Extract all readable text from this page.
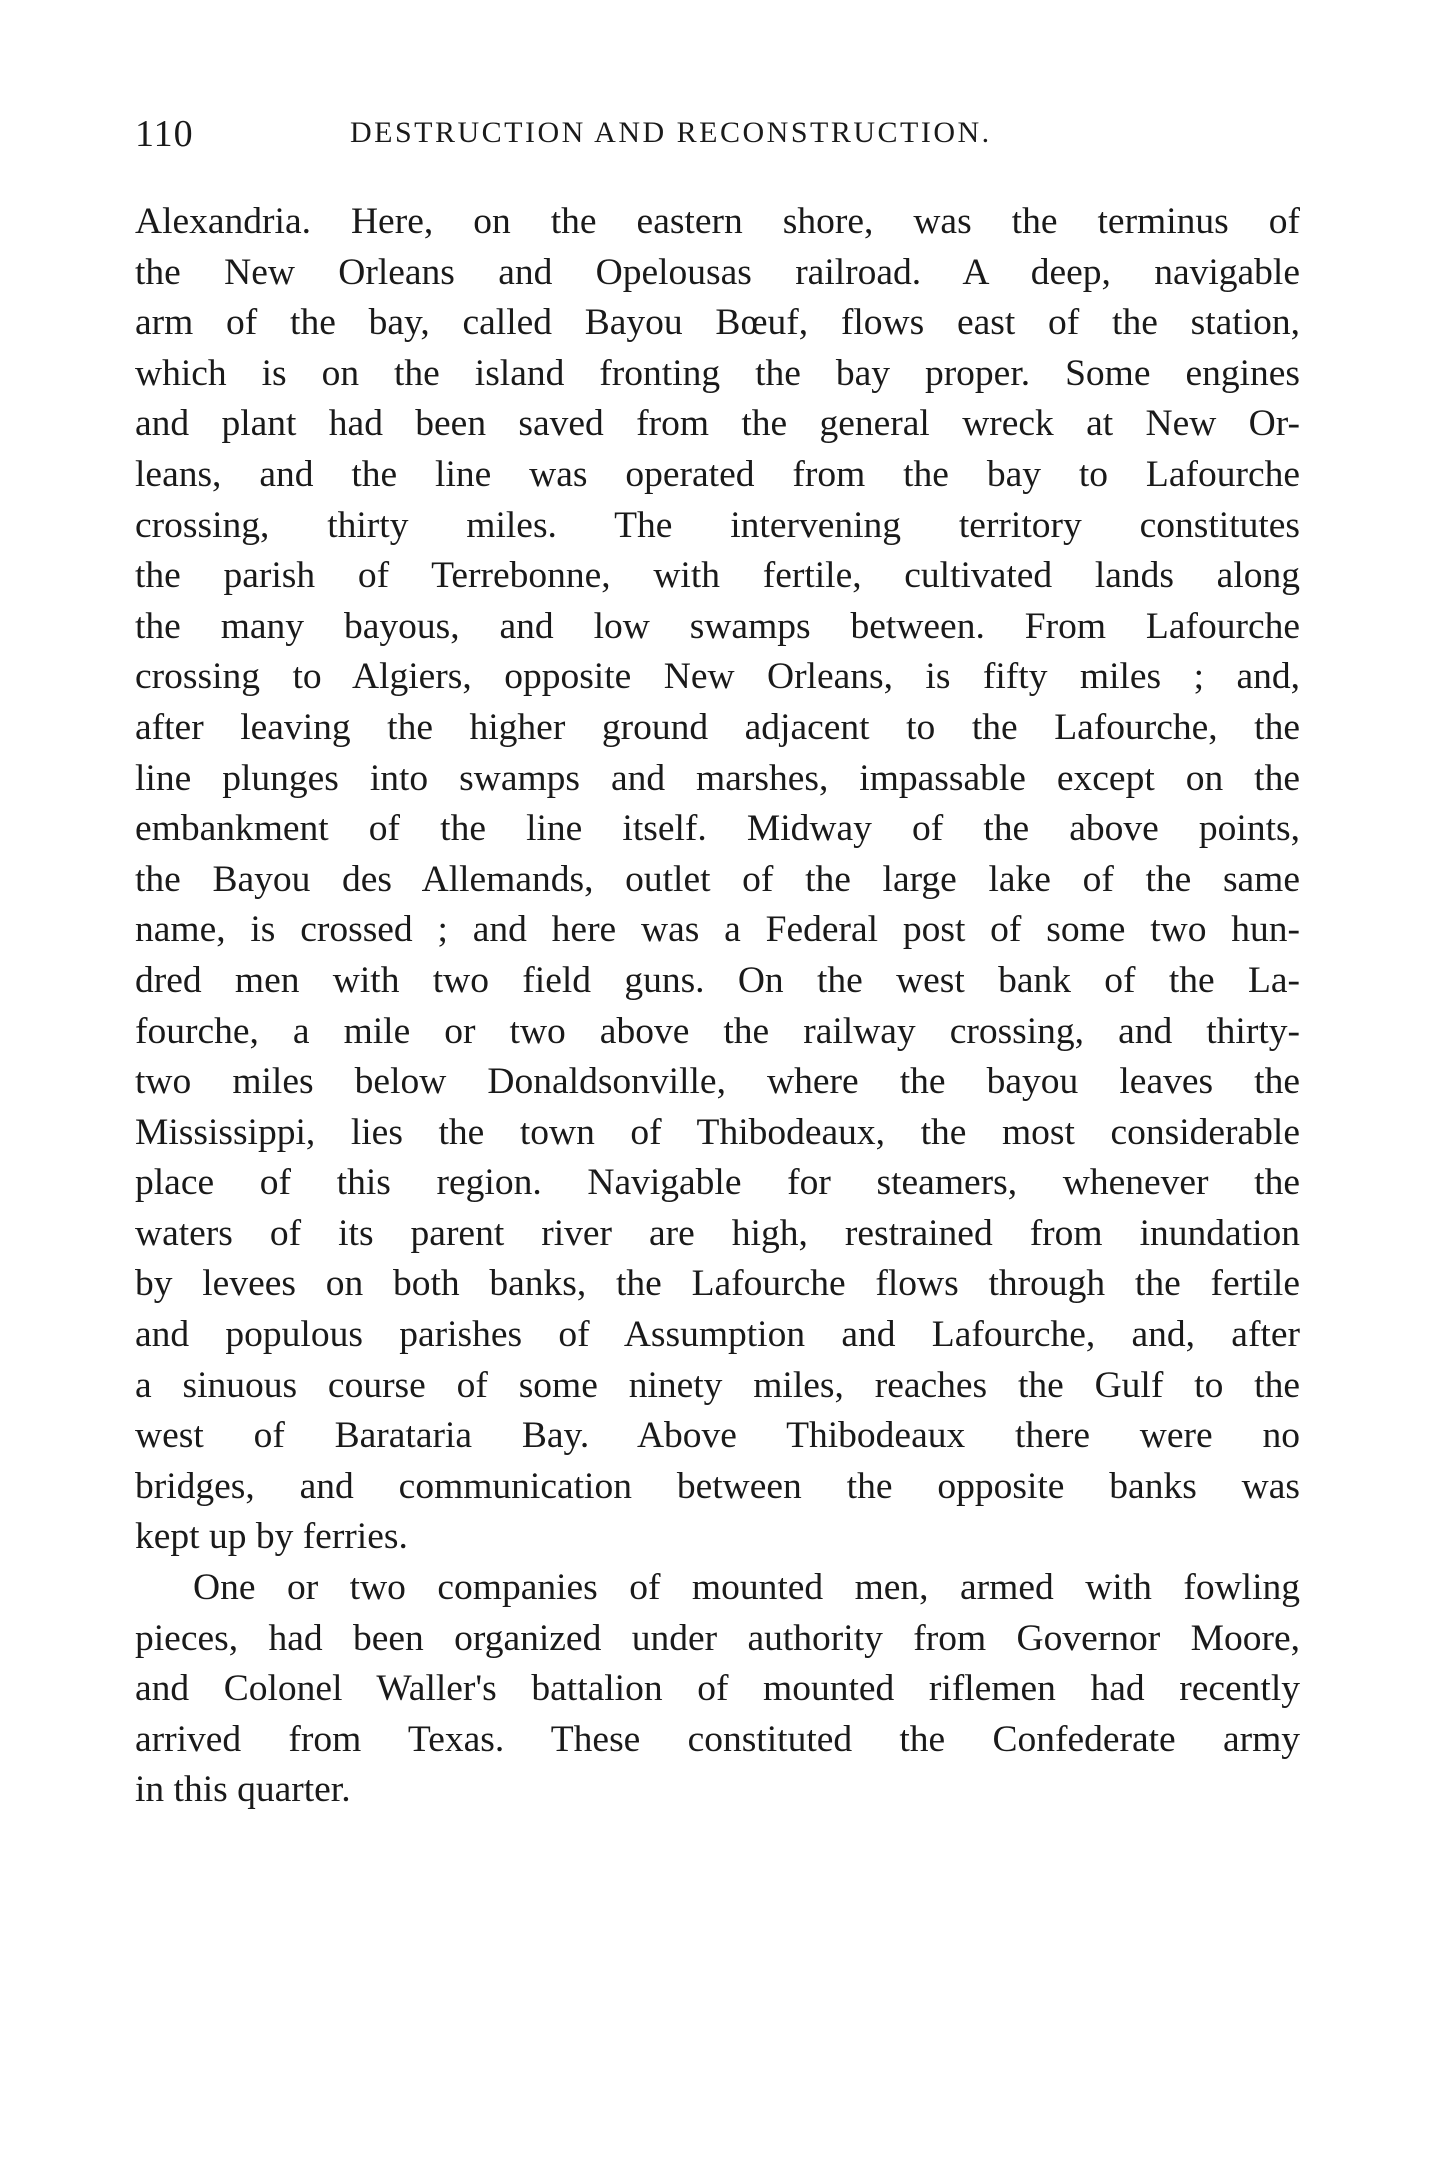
110	DESTRUCTION AND RECONSTRUCTION.
Alexandria. Here, on the eastern shore, was the terminus of
the New Orleans and Opelousas railroad. A deep, navigable
arm of the bay, called Bayou Bœuf, flows east of the station,
which is on the island fronting the bay proper. Some engines
and plant had been saved from the general wreck at New Or-
leans, and the line was operated from the bay to Lafourche
crossing, thirty miles. The intervening territory constitutes
the parish of Terrebonne, with fertile, cultivated lands along
the many bayous, and low swamps between. From Lafourche
crossing to Algiers, opposite New Orleans, is fifty miles ; and,
after leaving the higher ground adjacent to the Lafourche, the
line plunges into swamps and marshes, impassable except on the
embankment of the line itself. Midway of the above points,
the Bayou des Allemands, outlet of the large lake of the same
name, is crossed ; and here was a Federal post of some two hun-
dred men with two field guns. On the west bank of the La-
fourche, a mile or two above the railway crossing, and thirty-
two miles below Donaldsonville, where the bayou leaves the
Mississippi, lies the town of Thibodeaux, the most considerable
place of this region. Navigable for steamers, whenever the
waters of its parent river are high, restrained from inundation
by levees on both banks, the Lafourche flows through the fertile
and populous parishes of Assumption and Lafourche, and, after
a sinuous course of some ninety miles, reaches the Gulf to the
west of Barataria Bay. Above Thibodeaux there were no
bridges, and communication between the opposite banks was
kept up by ferries.
One or two companies of mounted men, armed with fowling
pieces, had been organized under authority from Governor Moore,
and Colonel Waller's battalion of mounted riflemen had recently
arrived from Texas. These constituted the Confederate army
in this quarter.
